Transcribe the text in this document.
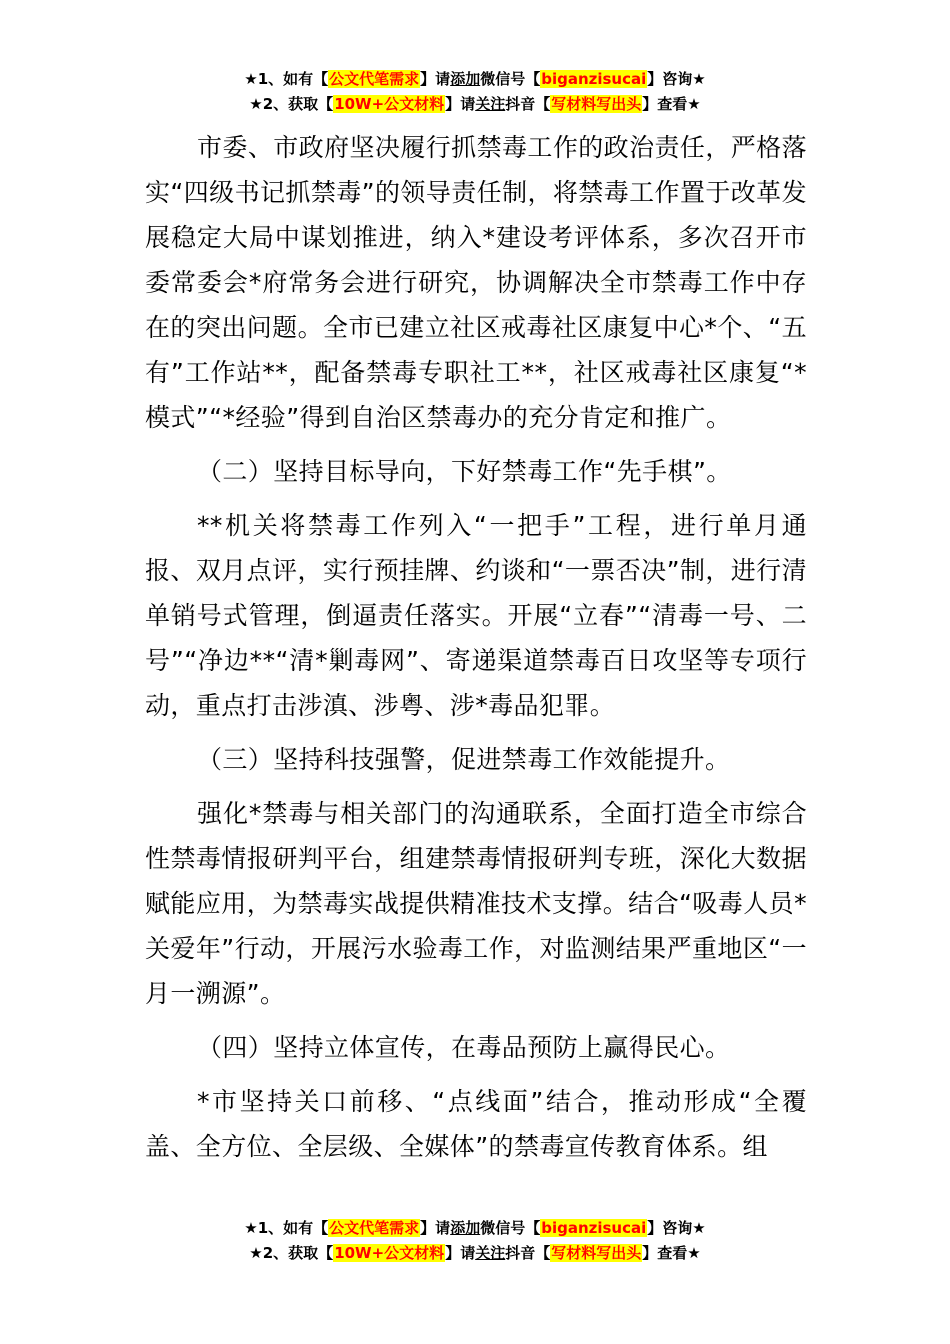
★1、如有【公文代笔需求】请添加微信号【biganzisucai】咨询★
★2、获取【10W+公文材料】请关注抖音【写材料写出头】查看★

市委、市政府坚决履行抓禁毒工作的政治责任，严格落实“四级书记抓禁毒”的领导责任制，将禁毒工作置于改革发展稳定大局中谋划推进，纳入*建设考评体系，多次召开市委常委会*府常务会进行研究，协调解决全市禁毒工作中存在的突出问题。全市已建立社区戒毒社区康复中心*个、“五有”工作站**，配备禁毒专职社工**，社区戒毒社区康复“*模式”“*经验”得到自治区禁毒办的充分肯定和推广。

（二）坚持目标导向，下好禁毒工作“先手棋”。

**机关将禁毒工作列入“一把手”工程，进行单月通报、双月点评，实行预挂牌、约谈和“一票否决”制，进行清单销号式管理，倒逼责任落实。开展“立春”“清毒一号、二号”“净边**“清*剿毒网”、寄递渠道禁毒百日攻坚等专项行动，重点打击涉滇、涉粤、涉*毒品犯罪。

（三）坚持科技强警，促进禁毒工作效能提升。

强化*禁毒与相关部门的沟通联系，全面打造全市综合性禁毒情报研判平台，组建禁毒情报研判专班，深化大数据赋能应用，为禁毒实战提供精准技术支撑。结合“吸毒人员*关爱年”行动，开展污水验毒工作，对监测结果严重地区“一月一溯源”。

（四）坚持立体宣传，在毒品预防上赢得民心。

*市坚持关口前移、“点线面”结合，推动形成“全覆盖、全方位、全层级、全媒体”的禁毒宣传教育体系。组

★1、如有【公文代笔需求】请添加微信号【biganzisucai】咨询★
★2、获取【10W+公文材料】请关注抖音【写材料写出头】查看★
